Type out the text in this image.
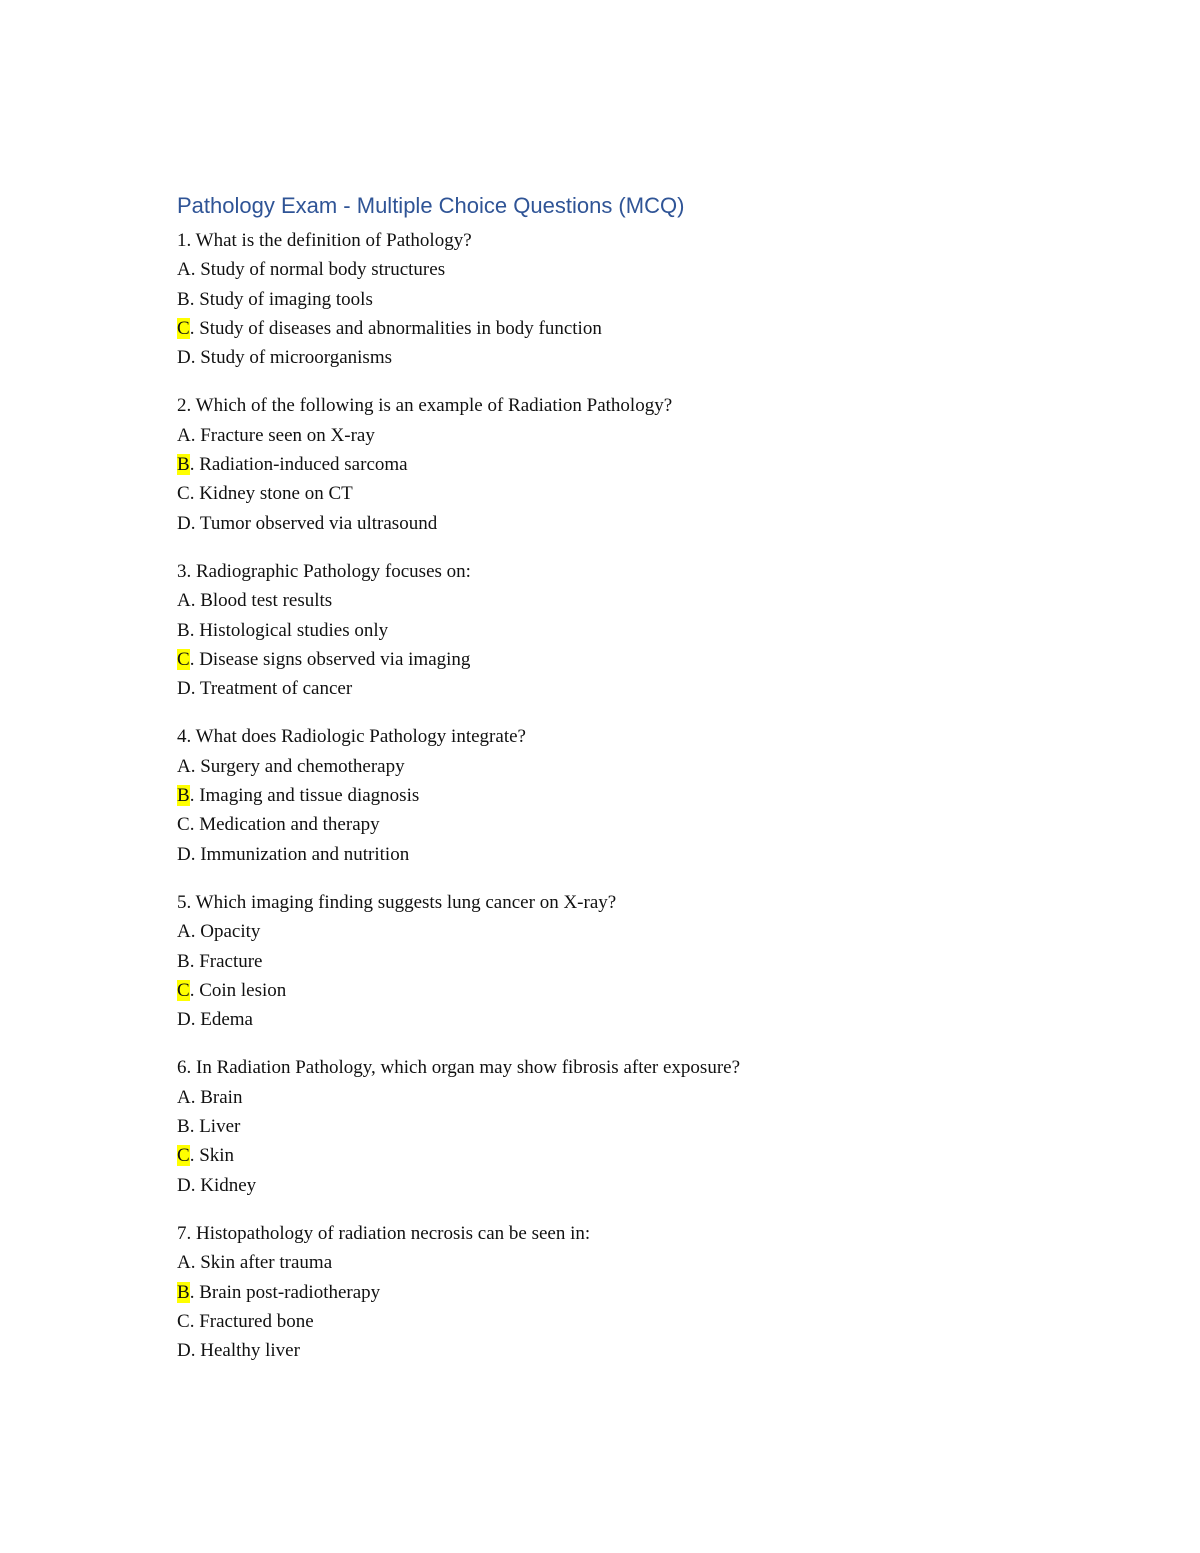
Pathology Exam - Multiple Choice Questions (MCQ)
1. What is the definition of Pathology?
A. Study of normal body structures
B. Study of imaging tools
C. Study of diseases and abnormalities in body function
D. Study of microorganisms
2. Which of the following is an example of Radiation Pathology?
A. Fracture seen on X-ray
B. Radiation-induced sarcoma
C. Kidney stone on CT
D. Tumor observed via ultrasound
3. Radiographic Pathology focuses on:
A. Blood test results
B. Histological studies only
C. Disease signs observed via imaging
D. Treatment of cancer
4. What does Radiologic Pathology integrate?
A. Surgery and chemotherapy
B. Imaging and tissue diagnosis
C. Medication and therapy
D. Immunization and nutrition
5. Which imaging finding suggests lung cancer on X-ray?
A. Opacity
B. Fracture
C. Coin lesion
D. Edema
6. In Radiation Pathology, which organ may show fibrosis after exposure?
A. Brain
B. Liver
C. Skin
D. Kidney
7. Histopathology of radiation necrosis can be seen in:
A. Skin after trauma
B. Brain post-radiotherapy
C. Fractured bone
D. Healthy liver
